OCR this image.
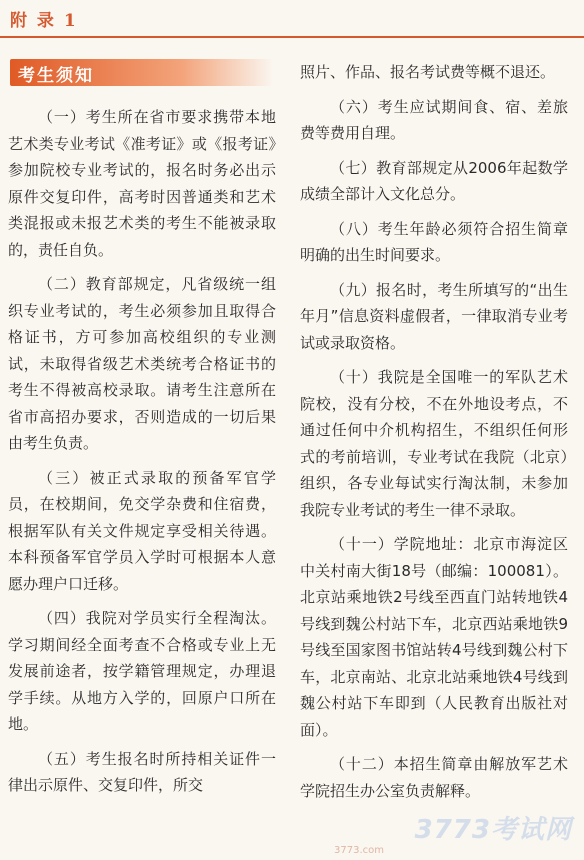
附 录 1
考生须知

（一）考生所在省市要求携带本地艺术类专业考试《准考证》或《报考证》参加院校专业考试的，报名时务必出示原件交复印件，高考时因普通类和艺术类混报或未报艺术类的考生不能被录取的，责任自负。

（二）教育部规定，凡省级统一组织专业考试的，考生必须参加且取得合格证书，方可参加高校组织的专业测试，未取得省级艺术类统考合格证书的考生不得被高校录取。请考生注意所在省市高招办要求，否则造成的一切后果由考生负责。

（三）被正式录取的预备军官学员，在校期间，免交学杂费和住宿费，根据军队有关文件规定享受相关待遇。本科预备军官学员入学时可根据本人意愿办理户口迁移。

（四）我院对学员实行全程淘汰。学习期间经全面考查不合格或专业上无发展前途者，按学籍管理规定，办理退学手续。从地方入学的，回原户口所在地。

（五）考生报名时所持相关证件一律出示原件、交复印件，所交

照片、作品、报名考试费等概不退还。

（六）考生应试期间食、宿、差旅费等费用自理。

（七）教育部规定从2006年起数学成绩全部计入文化总分。

（八）考生年龄必须符合招生简章明确的出生时间要求。

（九）报名时，考生所填写的“出生年月”信息资料虚假者，一律取消专业考试或录取资格。

（十）我院是全国唯一的军队艺术院校，没有分校，不在外地设考点，不通过任何中介机构招生，不组织任何形式的考前培训，专业考试在我院（北京）组织，各专业每试实行淘汰制，未参加我院专业考试的考生一律不录取。

（十一）学院地址：北京市海淀区中关村南大街18号（邮编：100081）。北京站乘地铁2号线至西直门站转地铁4号线到魏公村站下车，北京西站乘地铁9号线至国家图书馆站转4号线到魏公村下车，北京南站、北京北站乘地铁4号线到魏公村站下车即到（人民教育出版社对面）。

（十二）本招生简章由解放军艺术学院招生办公室负责解释。

3773考试网
3773.com
